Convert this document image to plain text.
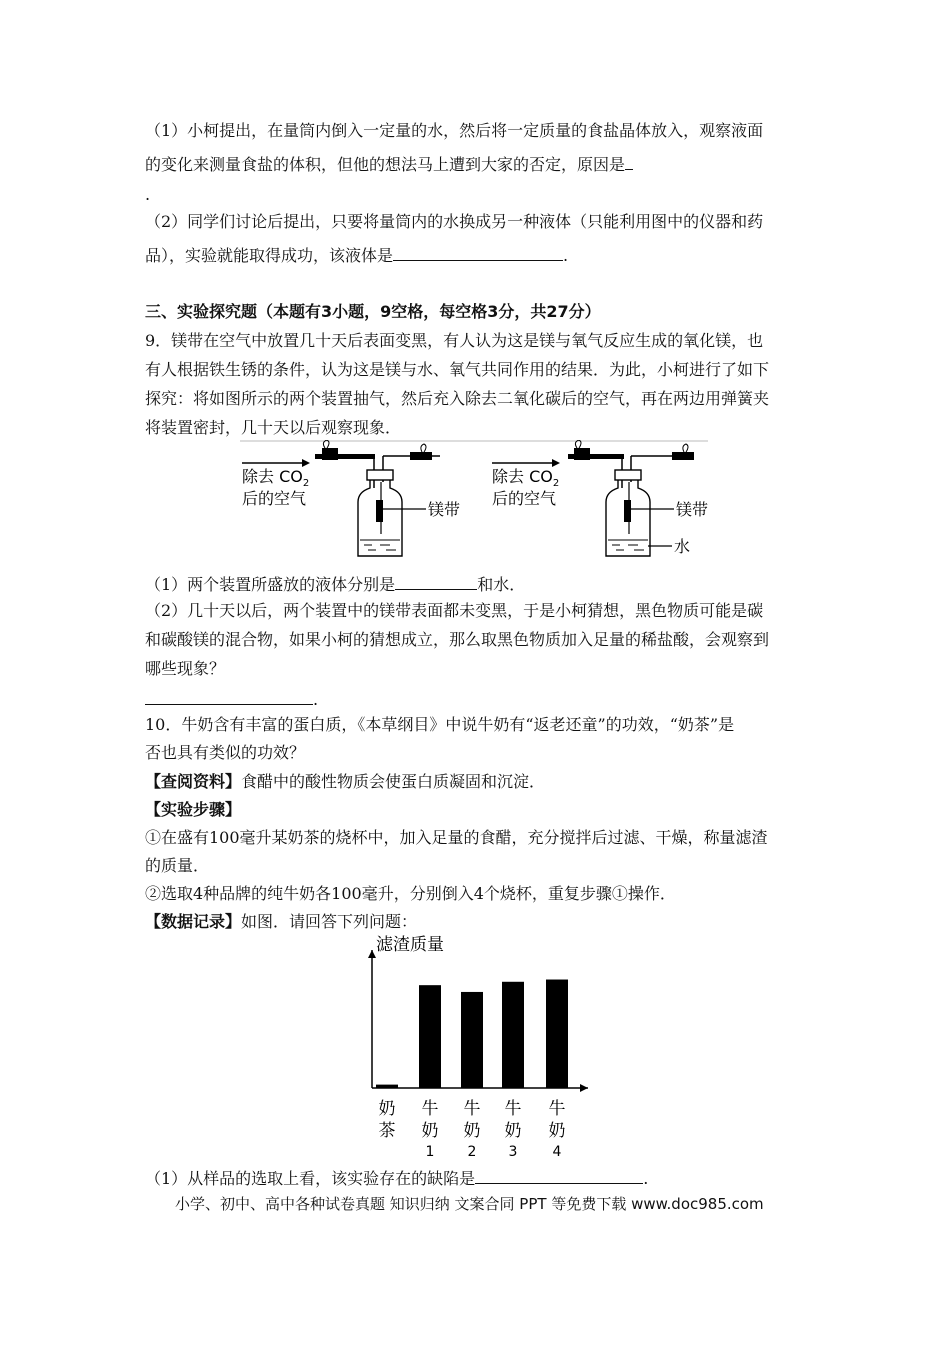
（1）小柯提出，在量筒内倒入一定量的水，然后将一定质量的食盐晶体放入，观察液面
的变化来测量食盐的体积，但他的想法马上遭到大家的否定，原因是
.
（2）同学们讨论后提出，只要将量筒内的水换成另一种液体（只能利用图中的仪器和药
品），实验就能取得成功，该液体是	.
三、实验探究题（本题有3小题，9空格，每空格3分，共27分）
9．镁带在空气中放置几十天后表面变黑，有人认为这是镁与氧气反应生成的氧化镁，也
有人根据铁生锈的条件，认为这是镁与水、氧气共同作用的结果．为此，小柯进行了如下
探究：将如图所示的两个装置抽气，然后充入除去二氧化碳后的空气，再在两边用弹簧夹
将装置密封，几十天以后观察现象．
除去 $CO_2$
后的空气
镁带
除去 $CO_2$
后的空气
镁带
水
（1）两个装置所盛放的液体分别是	和水．
（2）几十天以后，两个装置中的镁带表面都未变黑，于是小柯猜想，黑色物质可能是碳
和碳酸镁的混合物，如果小柯的猜想成立，那么取黑色物质加入足量的稀盐酸，会观察到
哪些现象？
.
10．牛奶含有丰富的蛋白质，《本草纲目》中说牛奶有“返老还童”的功效，“奶茶”是
否也具有类似的功效？
【查阅资料】食醋中的酸性物质会使蛋白质凝固和沉淀．
【实验步骤】
①在盛有100毫升某奶茶的烧杯中，加入足量的食醋，充分搅拌后过滤、干燥，称量滤渣
的质量．
②选取4种品牌的纯牛奶各100毫升，分别倒入4个烧杯，重复步骤①操作．
【数据记录】如图．请回答下列问题：
滤渣质量
奶
茶
牛
奶
1
牛
奶
2
牛
奶
3
牛
奶
4
（1）从样品的选取上看，该实验存在的缺陷是	.
小学、初中、高中各种试卷真题 知识归纳 文案合同 PPT 等免费下载 www.doc985.com
